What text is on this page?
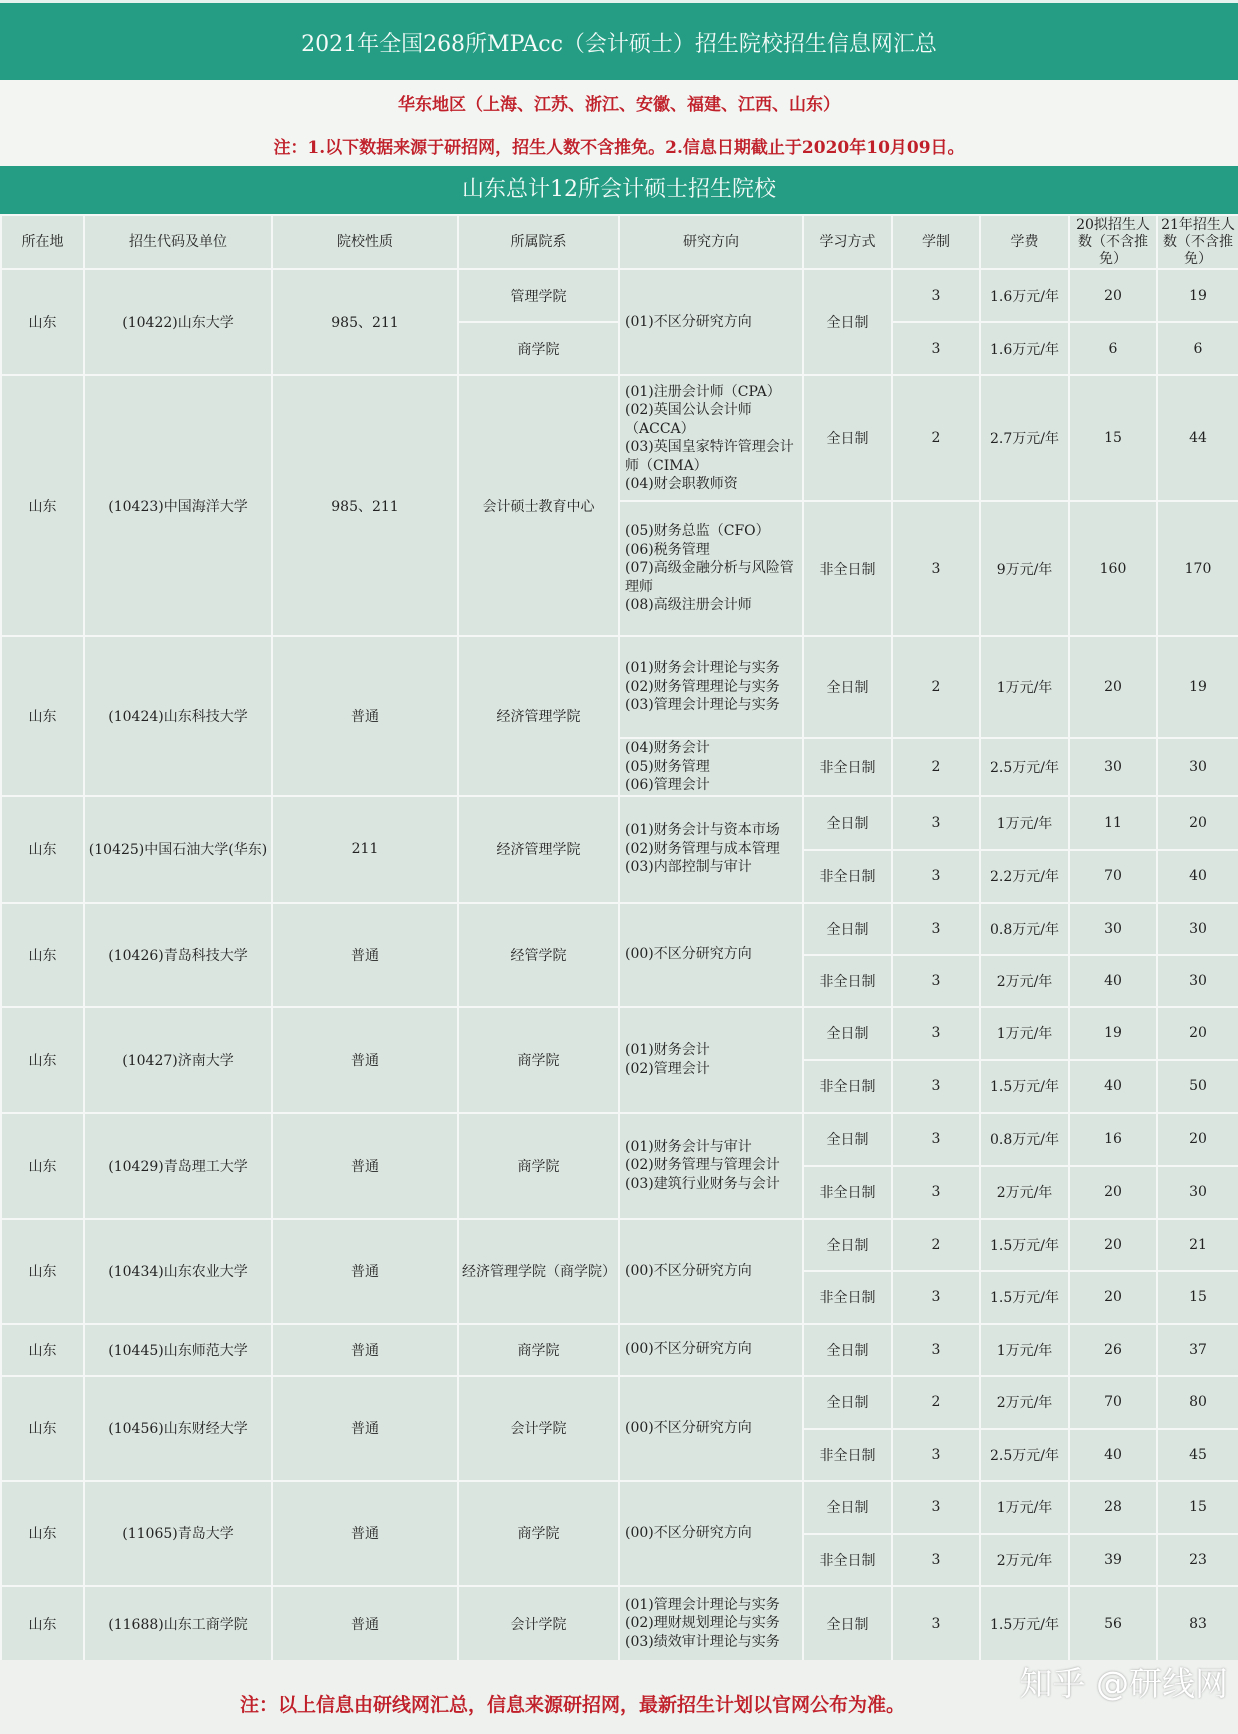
2021年全国268所MPAcc（会计硕士）招生院校招生信息网汇总
华东地区（上海、江苏、浙江、安徽、福建、江西、山东）
注：1.以下数据来源于研招网，招生人数不含推免。2.信息日期截止于2020年10月09日。
山东总计12所会计硕士招生院校
所在地	招生代码及单位	院校性质	所属院系	研究方向	学习方式	学制	学费	20拟招生人数（不含推免）	21年招生人数（不含推免）
山东	(10422)山东大学	985、211	管理学院	(01)不区分研究方向	全日制	3	1.6万元/年	20	19
			商学院			3	1.6万元/年	6	6
山东	(10423)中国海洋大学	985、211	会计硕士教育中心	(01)注册会计师（CPA）
(02)英国公认会计师（ACCA）
(03)英国皇家特许管理会计师（CIMA）
(04)财会职教师资	全日制	2	2.7万元/年	15	44
				(05)财务总监（CFO）
(06)税务管理
(07)高级金融分析与风险管理师
(08)高级注册会计师	非全日制	3	9万元/年	160	170
山东	(10424)山东科技大学	普通	经济管理学院	(01)财务会计理论与实务
(02)财务管理理论与实务
(03)管理会计理论与实务	全日制	2	1万元/年	20	19
				(04)财务会计
(05)财务管理
(06)管理会计	非全日制	2	2.5万元/年	30	30
山东	(10425)中国石油大学(华东)	211	经济管理学院	(01)财务会计与资本市场
(02)财务管理与成本管理
(03)内部控制与审计	全日制	3	1万元/年	11	20
					非全日制	3	2.2万元/年	70	40
山东	(10426)青岛科技大学	普通	经管学院	(00)不区分研究方向	全日制	3	0.8万元/年	30	30
					非全日制	3	2万元/年	40	30
山东	(10427)济南大学	普通	商学院	(01)财务会计
(02)管理会计	全日制	3	1万元/年	19	20
					非全日制	3	1.5万元/年	40	50
山东	(10429)青岛理工大学	普通	商学院	(01)财务会计与审计
(02)财务管理与管理会计
(03)建筑行业财务与会计	全日制	3	0.8万元/年	16	20
					非全日制	3	2万元/年	20	30
山东	(10434)山东农业大学	普通	经济管理学院（商学院）	(00)不区分研究方向	全日制	2	1.5万元/年	20	21
					非全日制	3	1.5万元/年	20	15
山东	(10445)山东师范大学	普通	商学院	(00)不区分研究方向	全日制	3	1万元/年	26	37
山东	(10456)山东财经大学	普通	会计学院	(00)不区分研究方向	全日制	2	2万元/年	70	80
					非全日制	3	2.5万元/年	40	45
山东	(11065)青岛大学	普通	商学院	(00)不区分研究方向	全日制	3	1万元/年	28	15
					非全日制	3	2万元/年	39	23
山东	(11688)山东工商学院	普通	会计学院	(01)管理会计理论与实务
(02)理财规划理论与实务
(03)绩效审计理论与实务	全日制	3	1.5万元/年	56	83
注：以上信息由研线网汇总，信息来源研招网，最新招生计划以官网公布为准。
知乎 @研线网
